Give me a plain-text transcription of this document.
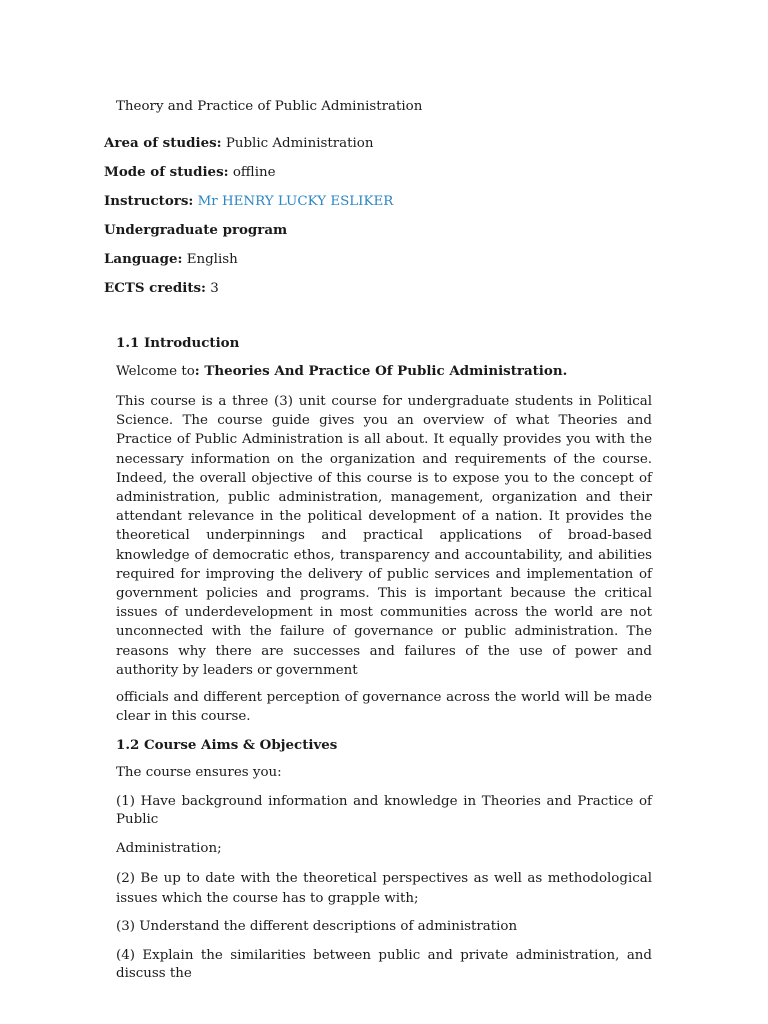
Theory and Practice of Public Administration
Area of studies: Public Administration
Mode of studies: offline
Instructors: Mr HENRY LUCKY ESLIKER
Undergraduate program
Language: English
ECTS credits: 3
1.1 Introduction
Welcome to: Theories And Practice Of Public Administration.
This course is a three (3) unit course for undergraduate students in Political Science. The course guide gives you an overview of what Theories and Practice of Public Administration is all about. It equally provides you with the necessary information on the organization and requirements of the course. Indeed, the overall objective of this course is to expose you to the concept of administration, public administration, management, organization and their attendant relevance in the political development of a nation. It provides the theoretical underpinnings and practical applications of broad-based knowledge of democratic ethos, transparency and accountability, and abilities required for improving the delivery of public services and implementation of government policies and programs. This is important because the critical issues of underdevelopment in most communities across the world are not unconnected with the failure of governance or public administration. The reasons why there are successes and failures of the use of power and authority by leaders or government
officials and different perception of governance across the world will be made clear in this course.
1.2 Course Aims & Objectives
The course ensures you:
(1) Have background information and knowledge in Theories and Practice of Public
Administration;
(2) Be up to date with the theoretical perspectives as well as methodological issues which the course has to grapple with;
(3) Understand the different descriptions of administration
(4) Explain the similarities between public and private administration, and discuss the
